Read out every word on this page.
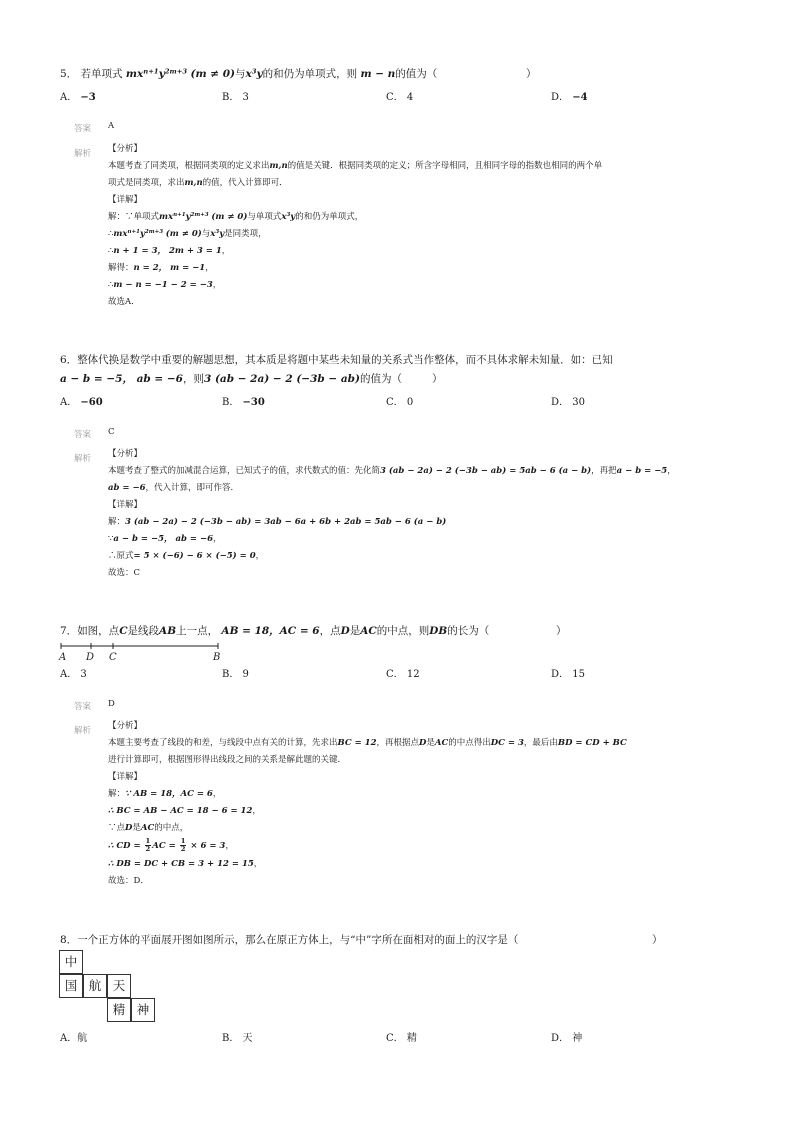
5． 若单项式 $mx^{n+1}y^{2m+3}$ (m ≠ 0)与$x^3y$的和仍为单项式，则 m − n的值为（	）
A． −3	B． 3	C． 4	D． −4
答案 A
解析 【分析】
本题考查了同类项，根据同类项的定义求出m,n的值是关键．根据同类项的定义；所含字母相同，且相同字母的指数也相同的两个单
项式是同类项，求出m,n的值，代入计算即可．
【详解】
解：∵单项式$mx^{n+1}y^{2m+3}$ (m ≠ 0)与单项式$x^3y$的和仍为单项式，
$\therefore mx^{n+1}y^{2m+3}$ (m ≠ 0)与$x^3y$是同类项，
∴n + 1 = 3， 2m + 3 = 1，
解得：n = 2， m = −1，
∴m − n = −1 − 2 = −3，
故选A．
6．整体代换是数学中重要的解题思想，其本质是将题中某些未知量的关系式当作整体，而不具体求解未知量．如：已知
a − b = −5， ab = −6，则3 (ab − 2a) − 2 (−3b − ab)的值为（	）
A． −60	B． −30	C． 0	D． 30
答案 C
解析 【分析】
本题考查了整式的加减混合运算，已知式子的值，求代数式的值：先化简3 (ab − 2a) − 2 (−3b − ab) = 5ab − 6 (a − b)，再把a − b = −5，
ab = −6，代入计算，即可作答．
【详解】
解：3 (ab − 2a) − 2 (−3b − ab) = 3ab − 6a + 6b + 2ab = 5ab − 6 (a − b)
∵a − b = −5， ab = −6，
∴原式= 5 × (−6) − 6 × (−5) = 0，
故选：C
7．如图，点C是线段AB上一点， AB = 18，AC = 6，点D是AC的中点，则DB的长为（	）
A D C	B
A． 3	B． 9	C． 12	D． 15
答案 D
解析 【分析】
本题主要考查了线段的和差，与线段中点有关的计算，先求出BC = 12，再根据点D是AC的中点得出DC = 3，最后由BD = CD + BC
进行计算即可，根据图形得出线段之间的关系是解此题的关键．
【详解】
解：∵ AB = 18，AC = 6，
∴ BC = AB − AC = 18 − 6 = 12，
∵点D是AC的中点，
∴ CD = $\frac{1}{2}$ AC = $\frac{1}{2} \times 6 = 3$，
∴ DB = DC + CB = 3 + 12 = 15，
故选：D．
8．一个正方体的平面展开图如图所示，那么在原正方体上，与“中”字所在面相对的面上的汉字是（	）
中
国 航 天
精 神
A．航	B． 天	C． 精	D． 神
